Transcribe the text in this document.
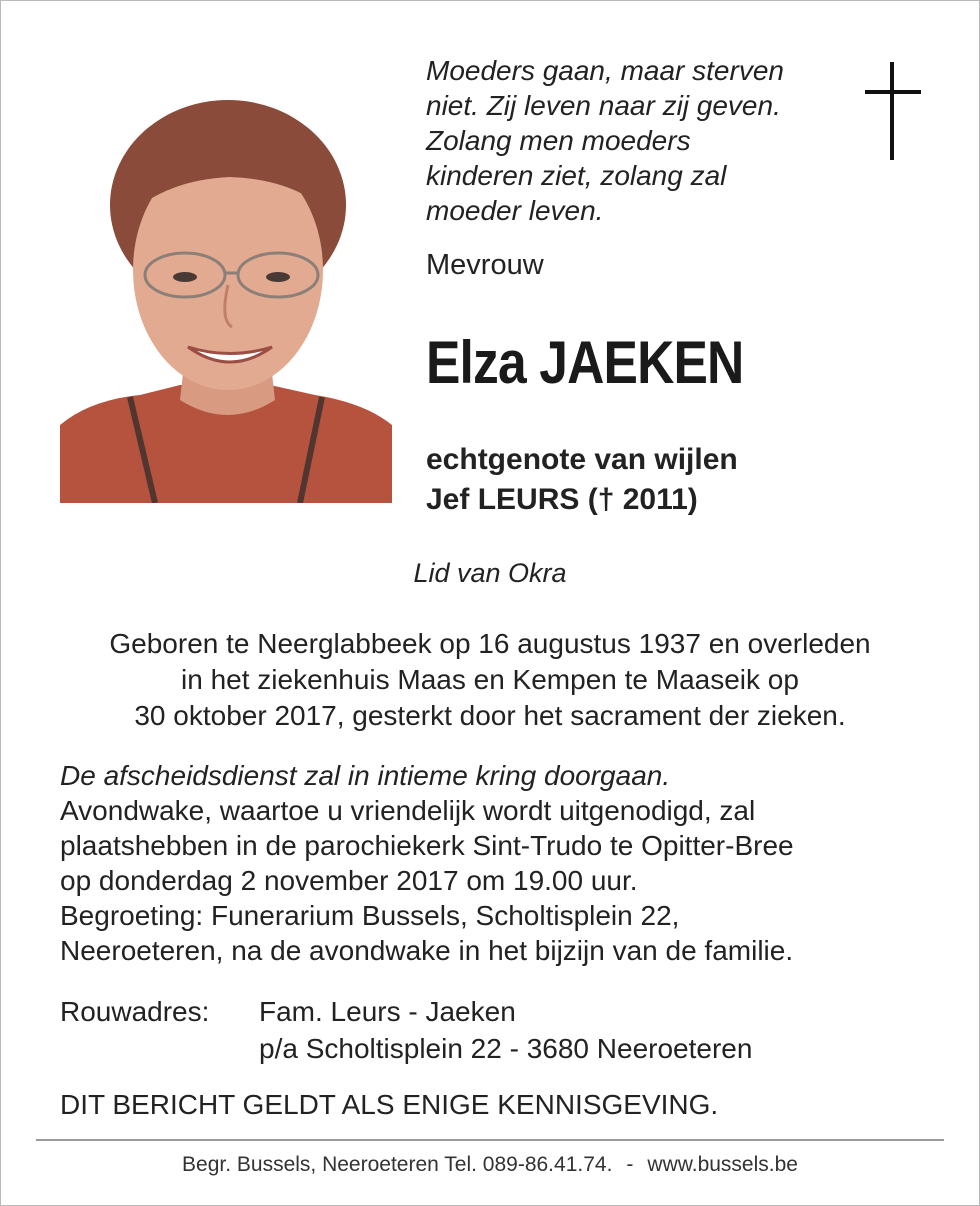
Moeders gaan, maar sterven
niet. Zij leven naar zij geven.
Zolang men moeders
kinderen ziet, zolang zal
moeder leven.
Mevrouw
Elza JAEKEN
echtgenote van wijlen
Jef LEURS († 2011)
Lid van Okra
Geboren te Neerglabbeek op 16 augustus 1937 en overleden
in het ziekenhuis Maas en Kempen te Maaseik op
30 oktober 2017, gesterkt door het sacrament der zieken.
De afscheidsdienst zal in intieme kring doorgaan.
Avondwake, waartoe u vriendelijk wordt uitgenodigd, zal
plaatshebben in de parochiekerk Sint-Trudo te Opitter-Bree
op donderdag 2 november 2017 om 19.00 uur.
Begroeting: Funerarium Bussels, Scholtisplein 22,
Neeroeteren, na de avondwake in het bijzijn van de familie.
Rouwadres: Fam. Leurs - Jaeken
p/a Scholtisplein 22 - 3680 Neeroeteren
DIT BERICHT GELDT ALS ENIGE KENNISGEVING.
Begr. Bussels, Neeroeteren Tel. 089-86.41.74. - www.bussels.be
